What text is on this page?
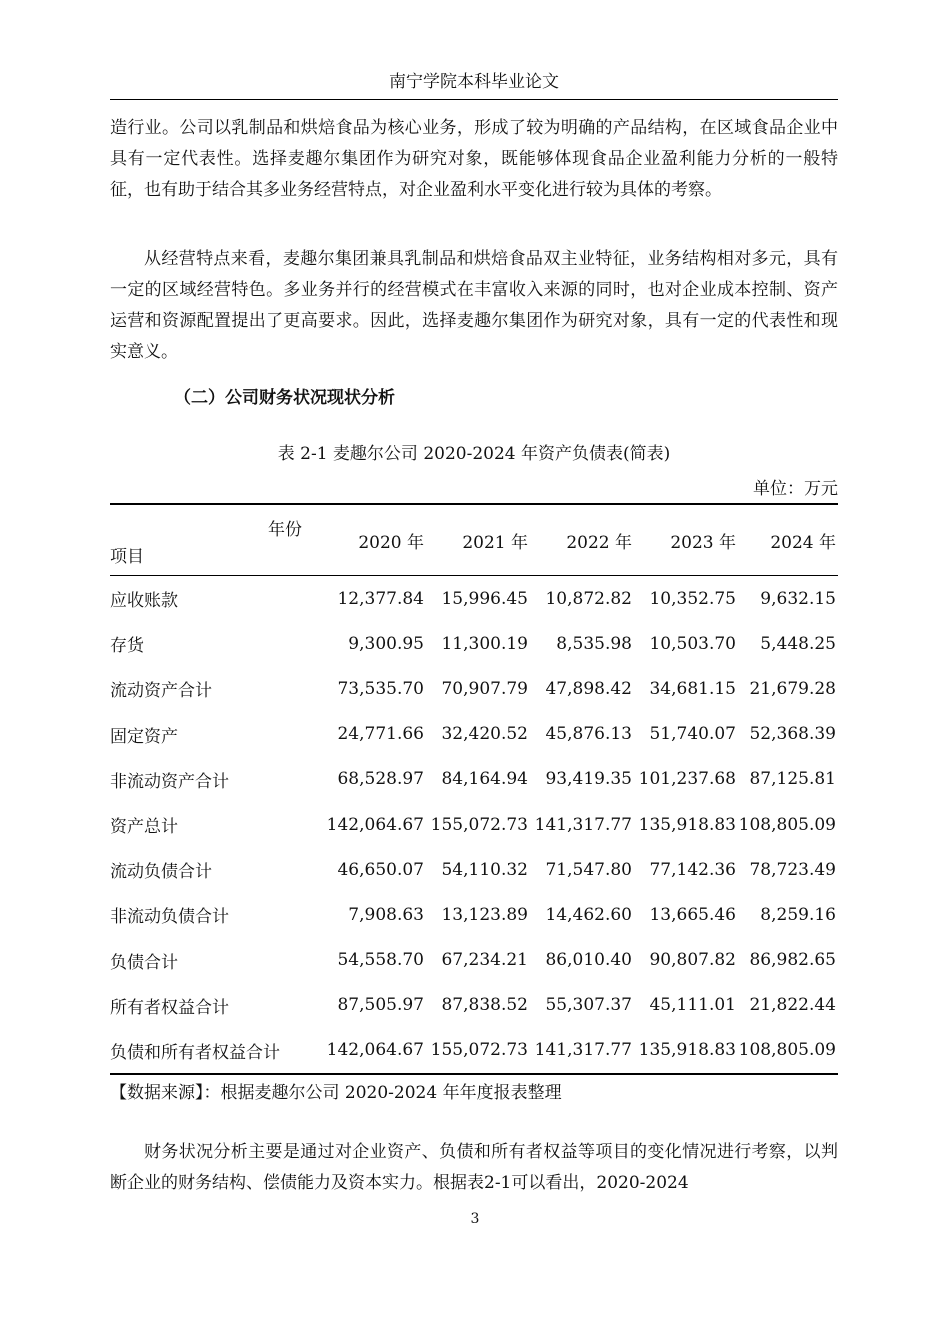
南宁学院本科毕业论文

造行业。公司以乳制品和烘焙食品为核心业务，形成了较为明确的产品结构，在区域食品企业中具有一定代表性。选择麦趣尔集团作为研究对象，既能够体现食品企业盈利能力分析的一般特征，也有助于结合其多业务经营特点，对企业盈利水平变化进行较为具体的考察。

从经营特点来看，麦趣尔集团兼具乳制品和烘焙食品双主业特征，业务结构相对多元，具有一定的区域经营特色。多业务并行的经营模式在丰富收入来源的同时，也对企业成本控制、资产运营和资源配置提出了更高要求。因此，选择麦趣尔集团作为研究对象，具有一定的代表性和现实意义。

（二）公司财务状况现状分析
表 2-1 麦趣尔公司 2020-2024 年资产负债表(简表)
单位：万元
年份
项目	2020 年	2021 年	2022 年	2023 年	2024 年
应收账款	12,377.84	15,996.45	10,872.82	10,352.75	9,632.15
存货	9,300.95	11,300.19	8,535.98	10,503.70	5,448.25
流动资产合计	73,535.70	70,907.79	47,898.42	34,681.15	21,679.28
固定资产	24,771.66	32,420.52	45,876.13	51,740.07	52,368.39
非流动资产合计	68,528.97	84,164.94	93,419.35	101,237.68	87,125.81
资产总计	142,064.67	155,072.73	141,317.77	135,918.83	108,805.09
流动负债合计	46,650.07	54,110.32	71,547.80	77,142.36	78,723.49
非流动负债合计	7,908.63	13,123.89	14,462.60	13,665.46	8,259.16
负债合计	54,558.70	67,234.21	86,010.40	90,807.82	86,982.65
所有者权益合计	87,505.97	87,838.52	55,307.37	45,111.01	21,822.44
负债和所有者权益合计	142,064.67	155,072.73	141,317.77	135,918.83	108,805.09
【数据来源】：根据麦趣尔公司 2020-2024 年年度报表整理

财务状况分析主要是通过对企业资产、负债和所有者权益等项目的变化情况进行考察，以判断企业的财务结构、偿债能力及资本实力。根据表2-1可以看出，2020-2024

3
